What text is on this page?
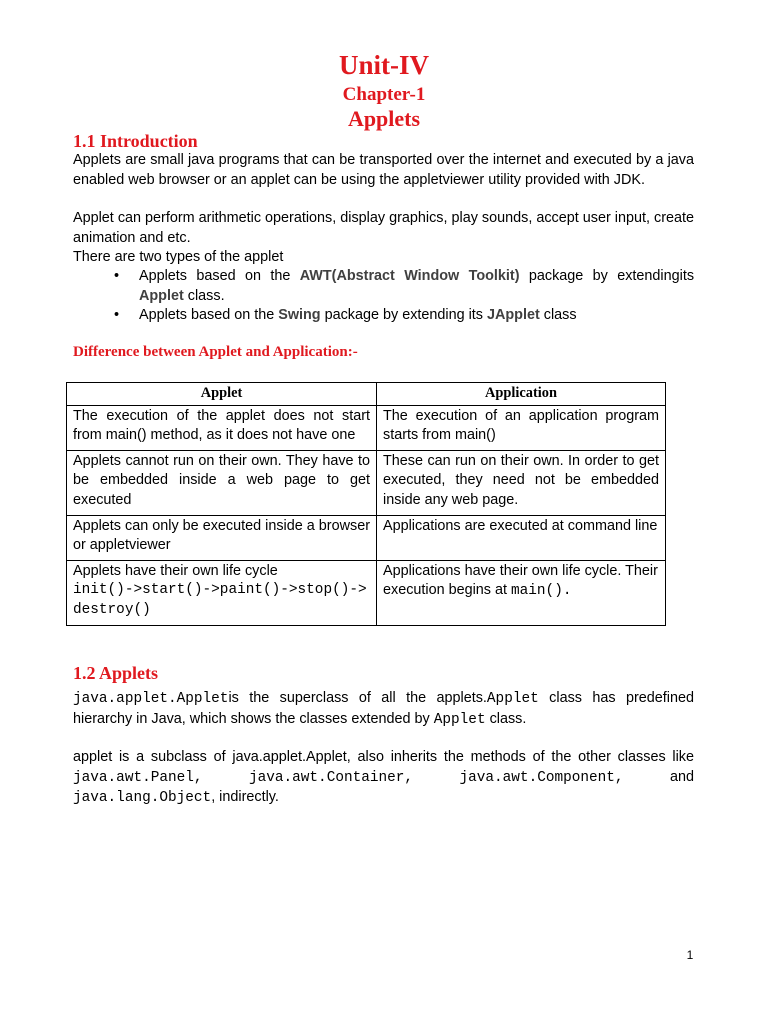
Unit-IV
Chapter-1
Applets
1.1 Introduction
Applets are small java programs that can be transported over the internet and executed by a java enabled web browser or an applet can be using the appletviewer utility provided with JDK.
Applet can perform arithmetic operations, display graphics, play sounds, accept user input, create animation and etc.
There are two types of the applet
• Applets based on the AWT(Abstract Window Toolkit) package by extendingits
Applet class.
• Applets based on the Swing package by extending its JApplet class
Difference between Applet and Application:-
Applet	Application
The execution of the applet does not start from main() method, as it does not have one	The execution of an application program starts from main()
Applets cannot run on their own. They have to be embedded inside a web page to get executed	These can run on their own. In order to get executed, they need not be embedded inside any web page.
Applets can only be executed inside a browser or appletviewer	Applications are executed at command line

Applets have their own life cycle
init()->start()->paint()->stop()->destroy()	Applications have their own life cycle. Their execution begins at main().
1.2 Applets
java.applet.Appletis the superclass of all the applets.Applet class has predefined hierarchy in Java, which shows the classes extended by Applet class.
applet is a subclass of java.applet.Applet, also inherits the methods of the other classes like java.awt.Panel,	java.awt.Container,	java.awt.Component,	and java.lang.Object, indirectly.
1
